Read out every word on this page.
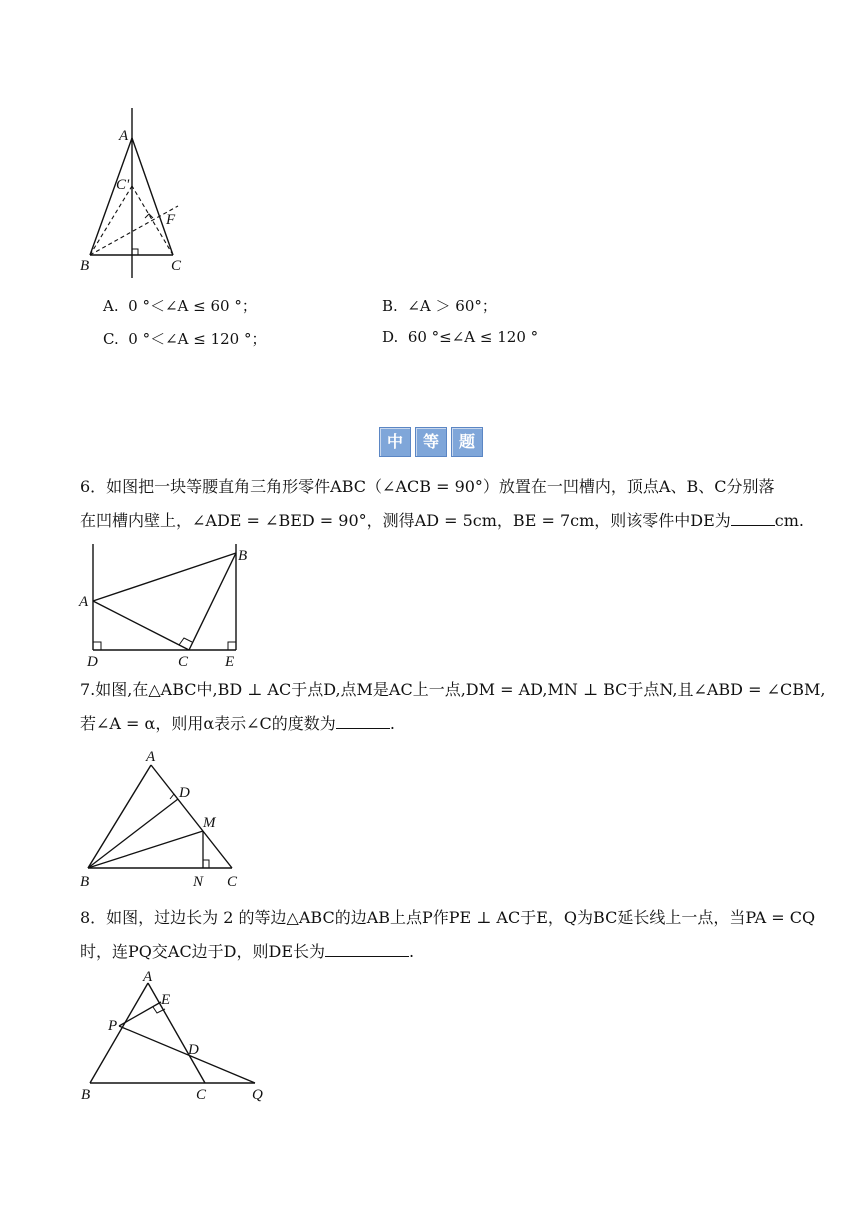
A
C'
F
B	C
A. 0 °＜∠A ≤ 60 °；	B. ∠A ＞ 60°；
C. 0 °＜∠A ≤ 120 °；	D. 60 °≤∠A ≤ 120 °
中	等	题
6．如图把一块等腰直角三角形零件ABC（∠ACB = 90°）放置在一凹槽内，顶点A、B、C分别落
在凹槽内壁上，∠ADE = ∠BED = 90°，测得AD = 5cm，BE = 7cm，则该零件中DE为	cm.
A
B
D	C E
7.如图,在△ABC中,BD ⊥ AC于点D,点M是AC上一点,DM = AD,MN ⊥ BC于点N,且∠ABD = ∠CBM,
若∠A = α，则用α表示∠C的度数为	.
A
D
M
B	N C
8．如图，过边长为 2 的等边△ABC的边AB上点P作PE ⊥ AC于E，Q为BC延长线上一点，当PA = CQ
时，连PQ交AC边于D，则DE长为	.
A
E
P
D
B	C	Q
